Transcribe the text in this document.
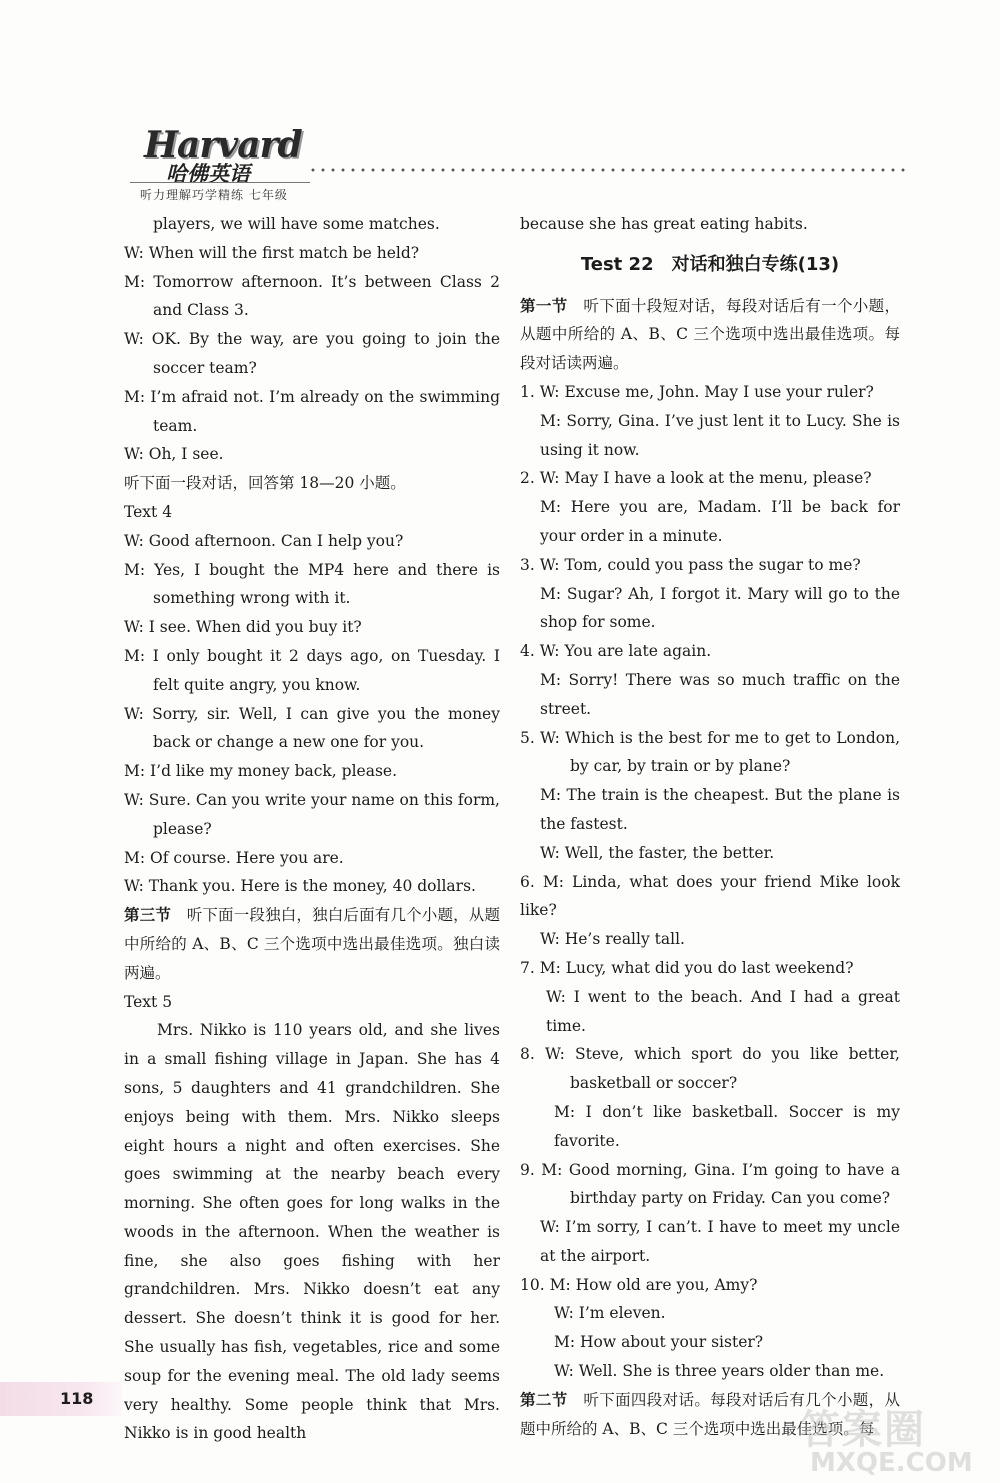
Harvard
哈佛英语
听力理解巧学精练 七年级

players, we will have some matches.

W: When will the first match be held?

M: Tomorrow afternoon. It’s between Class 2 and Class 3.

W: OK. By the way, are you going to join the soccer team?

M: I’m afraid not. I’m already on the swimming team.

W: Oh, I see.

听下面一段对话，回答第 18—20 小题。

Text 4

W: Good afternoon. Can I help you?

M: Yes, I bought the MP4 here and there is something wrong with it.

W: I see. When did you buy it?

M: I only bought it 2 days ago, on Tuesday. I felt quite angry, you know.

W: Sorry, sir. Well, I can give you the money back or change a new one for you.

M: I’d like my money back, please.

W: Sure. Can you write your name on this form, please?

M: Of course. Here you are.

W: Thank you. Here is the money, 40 dollars.

第三节　听下面一段独白，独白后面有几个小题，从题中所给的 A、B、C 三个选项中选出最佳选项。独白读两遍。

Text 5

Mrs. Nikko is 110 years old, and she lives in a small fishing village in Japan. She has 4 sons, 5 daughters and 41 grandchildren. She enjoys being with them. Mrs. Nikko sleeps eight hours a night and often exercises. She goes swimming at the nearby beach every morning. She often goes for long walks in the woods in the afternoon. When the weather is fine, she also goes fishing with her grandchildren. Mrs. Nikko doesn’t eat any dessert. She doesn’t think it is good for her. She usually has fish, vegetables, rice and some soup for the evening meal. The old lady seems very healthy. Some people think that Mrs. Nikko is in good health

because she has great eating habits.

Test 22　对话和独白专练(13)

第一节　听下面十段短对话，每段对话后有一个小题，从题中所给的 A、B、C 三个选项中选出最佳选项。每段对话读两遍。

1. W: Excuse me, John. May I use your ruler?

M: Sorry, Gina. I’ve just lent it to Lucy. She is using it now.

2. W: May I have a look at the menu, please?

M: Here you are, Madam. I’ll be back for your order in a minute.

3. W: Tom, could you pass the sugar to me?

M: Sugar? Ah, I forgot it. Mary will go to the shop for some.

4. W: You are late again.

M: Sorry! There was so much traffic on the street.

5. W: Which is the best for me to get to London, by car, by train or by plane?

M: The train is the cheapest. But the plane is the fastest.

W: Well, the faster, the better.

6. M: Linda, what does your friend Mike look like?

W: He’s really tall.

7. M: Lucy, what did you do last weekend?

W: I went to the beach. And I had a great time.

8. W: Steve, which sport do you like better, basketball or soccer?

M: I don’t like basketball. Soccer is my favorite.

9. M: Good morning, Gina. I’m going to have a birthday party on Friday. Can you come?

W: I’m sorry, I can’t. I have to meet my uncle at the airport.

10. M: How old are you, Amy?

W: I’m eleven.

M: How about your sister?

W: Well. She is three years older than me.

第二节　听下面四段对话。每段对话后有几个小题，从题中所给的 A、B、C 三个选项中选出最佳选项。每

118
答案圈
MXQE.COM
